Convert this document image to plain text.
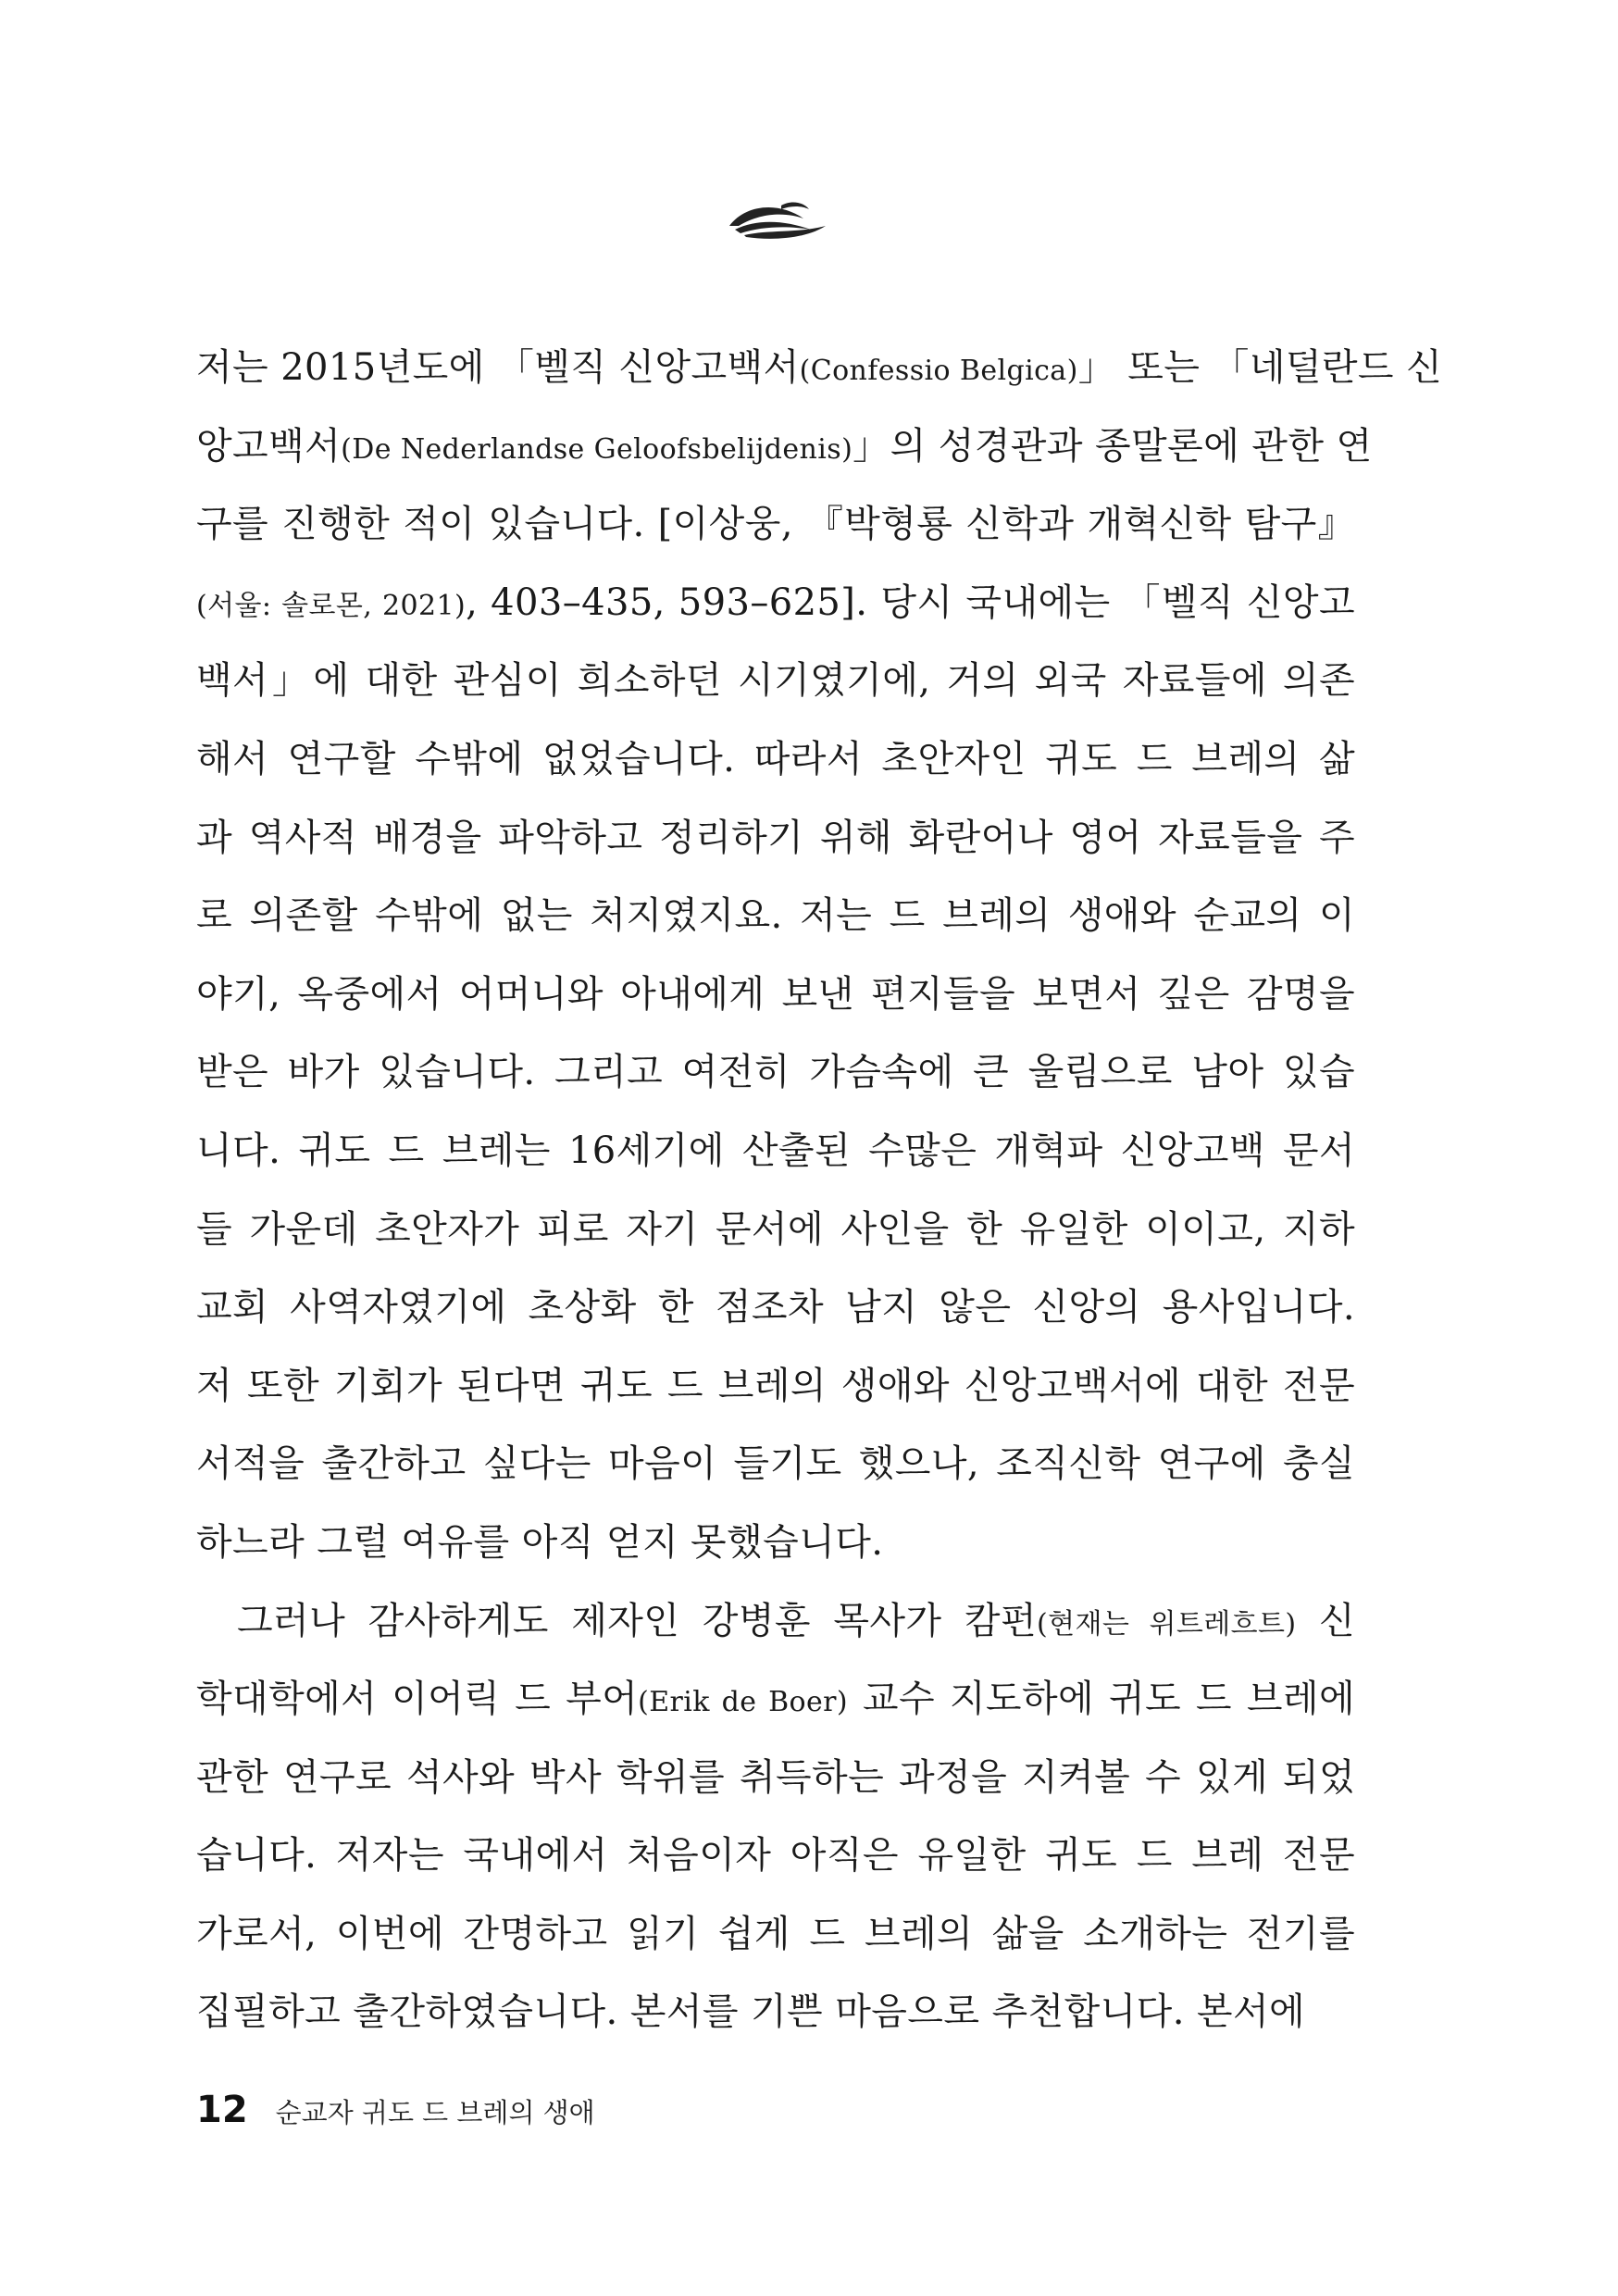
저는 2015년도에 「벨직 신앙고백서(Confessio Belgica)」 또는 「네덜란드 신
앙고백서(De Nederlandse Geloofsbelijdenis)」의 성경관과 종말론에 관한 연
구를 진행한 적이 있습니다. [이상웅, 『박형룡 신학과 개혁신학 탐구』
(서울: 솔로몬, 2021), 403–435, 593–625]. 당시 국내에는 「벨직 신앙고
백서」에 대한 관심이 희소하던 시기였기에, 거의 외국 자료들에 의존
해서 연구할 수밖에 없었습니다. 따라서 초안자인 귀도 드 브레의 삶
과 역사적 배경을 파악하고 정리하기 위해 화란어나 영어 자료들을 주
로 의존할 수밖에 없는 처지였지요. 저는 드 브레의 생애와 순교의 이
야기, 옥중에서 어머니와 아내에게 보낸 편지들을 보면서 깊은 감명을
받은 바가 있습니다. 그리고 여전히 가슴속에 큰 울림으로 남아 있습
니다. 귀도 드 브레는 16세기에 산출된 수많은 개혁파 신앙고백 문서
들 가운데 초안자가 피로 자기 문서에 사인을 한 유일한 이이고, 지하
교회 사역자였기에 초상화 한 점조차 남지 않은 신앙의 용사입니다.
저 또한 기회가 된다면 귀도 드 브레의 생애와 신앙고백서에 대한 전문
서적을 출간하고 싶다는 마음이 들기도 했으나, 조직신학 연구에 충실
하느라 그럴 여유를 아직 얻지 못했습니다.
그러나 감사하게도 제자인 강병훈 목사가 캄펀(현재는 위트레흐트) 신
학대학에서 이어릭 드 부어(Erik de Boer) 교수 지도하에 귀도 드 브레에
관한 연구로 석사와 박사 학위를 취득하는 과정을 지켜볼 수 있게 되었
습니다. 저자는 국내에서 처음이자 아직은 유일한 귀도 드 브레 전문
가로서, 이번에 간명하고 읽기 쉽게 드 브레의 삶을 소개하는 전기를
집필하고 출간하였습니다. 본서를 기쁜 마음으로 추천합니다. 본서에
12 순교자 귀도 드 브레의 생애
